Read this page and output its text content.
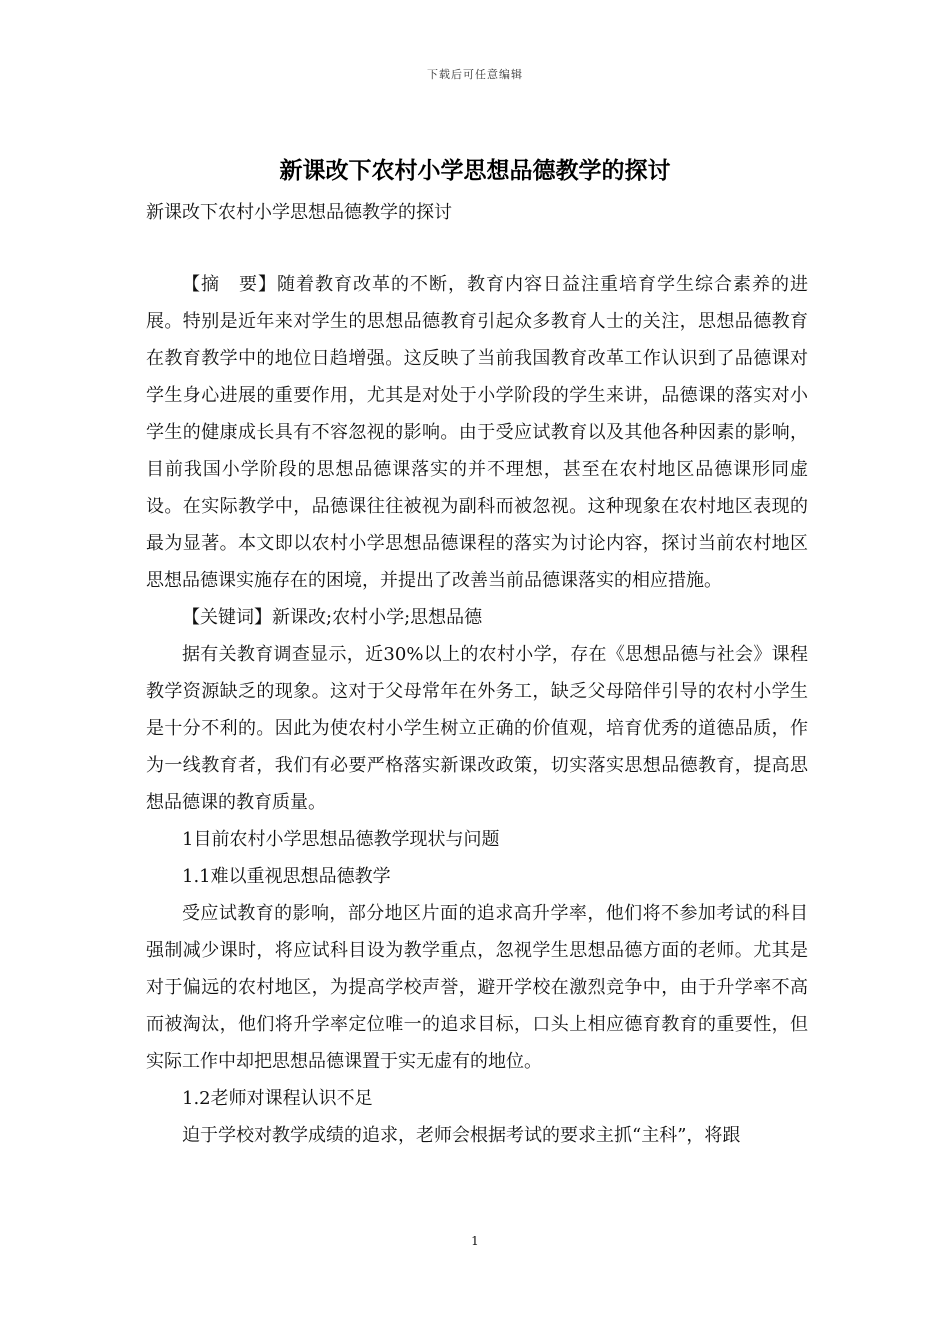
下载后可任意编辑
新课改下农村小学思想品德教学的探讨
新课改下农村小学思想品德教学的探讨

【摘　要】随着教育改革的不断，教育内容日益注重培育学生综合素养的进展。特别是近年来对学生的思想品德教育引起众多教育人士的关注，思想品德教育在教育教学中的地位日趋增强。这反映了当前我国教育改革工作认识到了品德课对学生身心进展的重要作用，尤其是对处于小学阶段的学生来讲，品德课的落实对小学生的健康成长具有不容忽视的影响。由于受应试教育以及其他各种因素的影响，目前我国小学阶段的思想品德课落实的并不理想，甚至在农村地区品德课形同虚设。在实际教学中，品德课往往被视为副科而被忽视。这种现象在农村地区表现的最为显著。本文即以农村小学思想品德课程的落实为讨论内容，探讨当前农村地区思想品德课实施存在的困境，并提出了改善当前品德课落实的相应措施。

【关键词】新课改;农村小学;思想品德

据有关教育调查显示，近30%以上的农村小学，存在《思想品德与社会》课程教学资源缺乏的现象。这对于父母常年在外务工，缺乏父母陪伴引导的农村小学生是十分不利的。因此为使农村小学生树立正确的价值观，培育优秀的道德品质，作为一线教育者，我们有必要严格落实新课改政策，切实落实思想品德教育，提高思想品德课的教育质量。

1目前农村小学思想品德教学现状与问题

1.1难以重视思想品德教学

受应试教育的影响，部分地区片面的追求高升学率，他们将不参加考试的科目强制减少课时，将应试科目设为教学重点，忽视学生思想品德方面的老师。尤其是对于偏远的农村地区，为提高学校声誉，避开学校在激烈竞争中，由于升学率不高而被淘汰，他们将升学率定位唯一的追求目标，口头上相应德育教育的重要性，但实际工作中却把思想品德课置于实无虚有的地位。

1.2老师对课程认识不足

迫于学校对教学成绩的追求，老师会根据考试的要求主抓“主科”，将跟

1
